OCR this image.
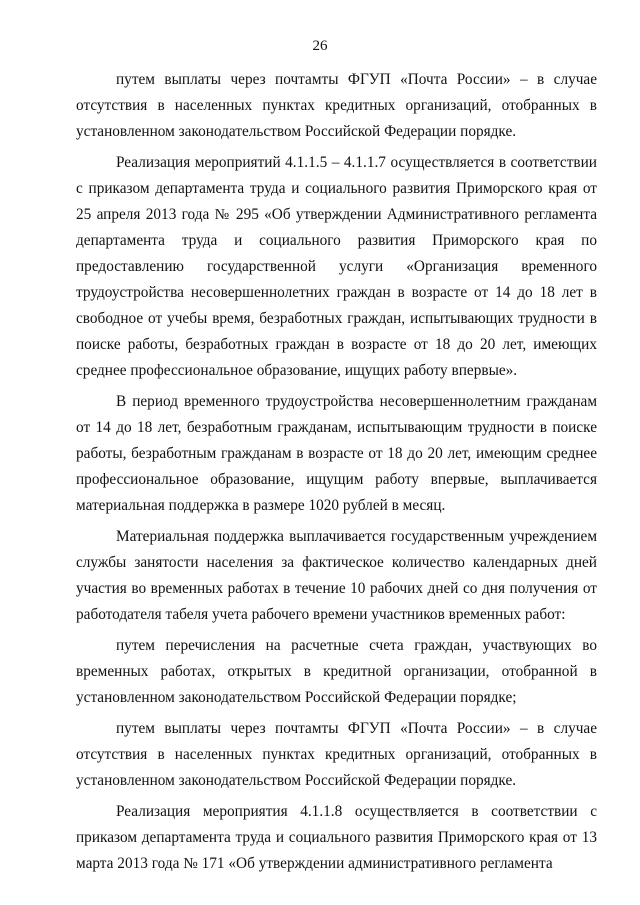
26

путем выплаты через почтамты ФГУП «Почта России» – в случае отсутствия в населенных пунктах кредитных организаций, отобранных в установленном законодательством Российской Федерации порядке.

Реализация мероприятий 4.1.1.5 – 4.1.1.7 осуществляется в соответствии с приказом департамента труда и социального развития Приморского края от 25 апреля 2013 года № 295 «Об утверждении Административного регламента департамента труда и социального развития Приморского края по предоставлению государственной услуги «Организация временного трудоустройства несовершеннолетних граждан в возрасте от 14 до 18 лет в свободное от учебы время, безработных граждан, испытывающих трудности в поиске работы, безработных граждан в возрасте от 18 до 20 лет, имеющих среднее профессиональное образование, ищущих работу впервые».

В период временного трудоустройства несовершеннолетним гражданам от 14 до 18 лет, безработным гражданам, испытывающим трудности в поиске работы, безработным гражданам в возрасте от 18 до 20 лет, имеющим среднее профессиональное образование, ищущим работу впервые, выплачивается материальная поддержка в размере 1020 рублей в месяц.

Материальная поддержка выплачивается государственным учреждением службы занятости населения за фактическое количество календарных дней участия во временных работах в течение 10 рабочих дней со дня получения от работодателя табеля учета рабочего времени участников временных работ:

путем перечисления на расчетные счета граждан, участвующих во временных работах, открытых в кредитной организации, отобранной в установленном законодательством Российской Федерации порядке;

путем выплаты через почтамты ФГУП «Почта России» – в случае отсутствия в населенных пунктах кредитных организаций, отобранных в установленном законодательством Российской Федерации порядке.

Реализация мероприятия 4.1.1.8 осуществляется в соответствии с приказом департамента труда и социального развития Приморского края от 13 марта 2013 года № 171 «Об утверждении административного регламента
